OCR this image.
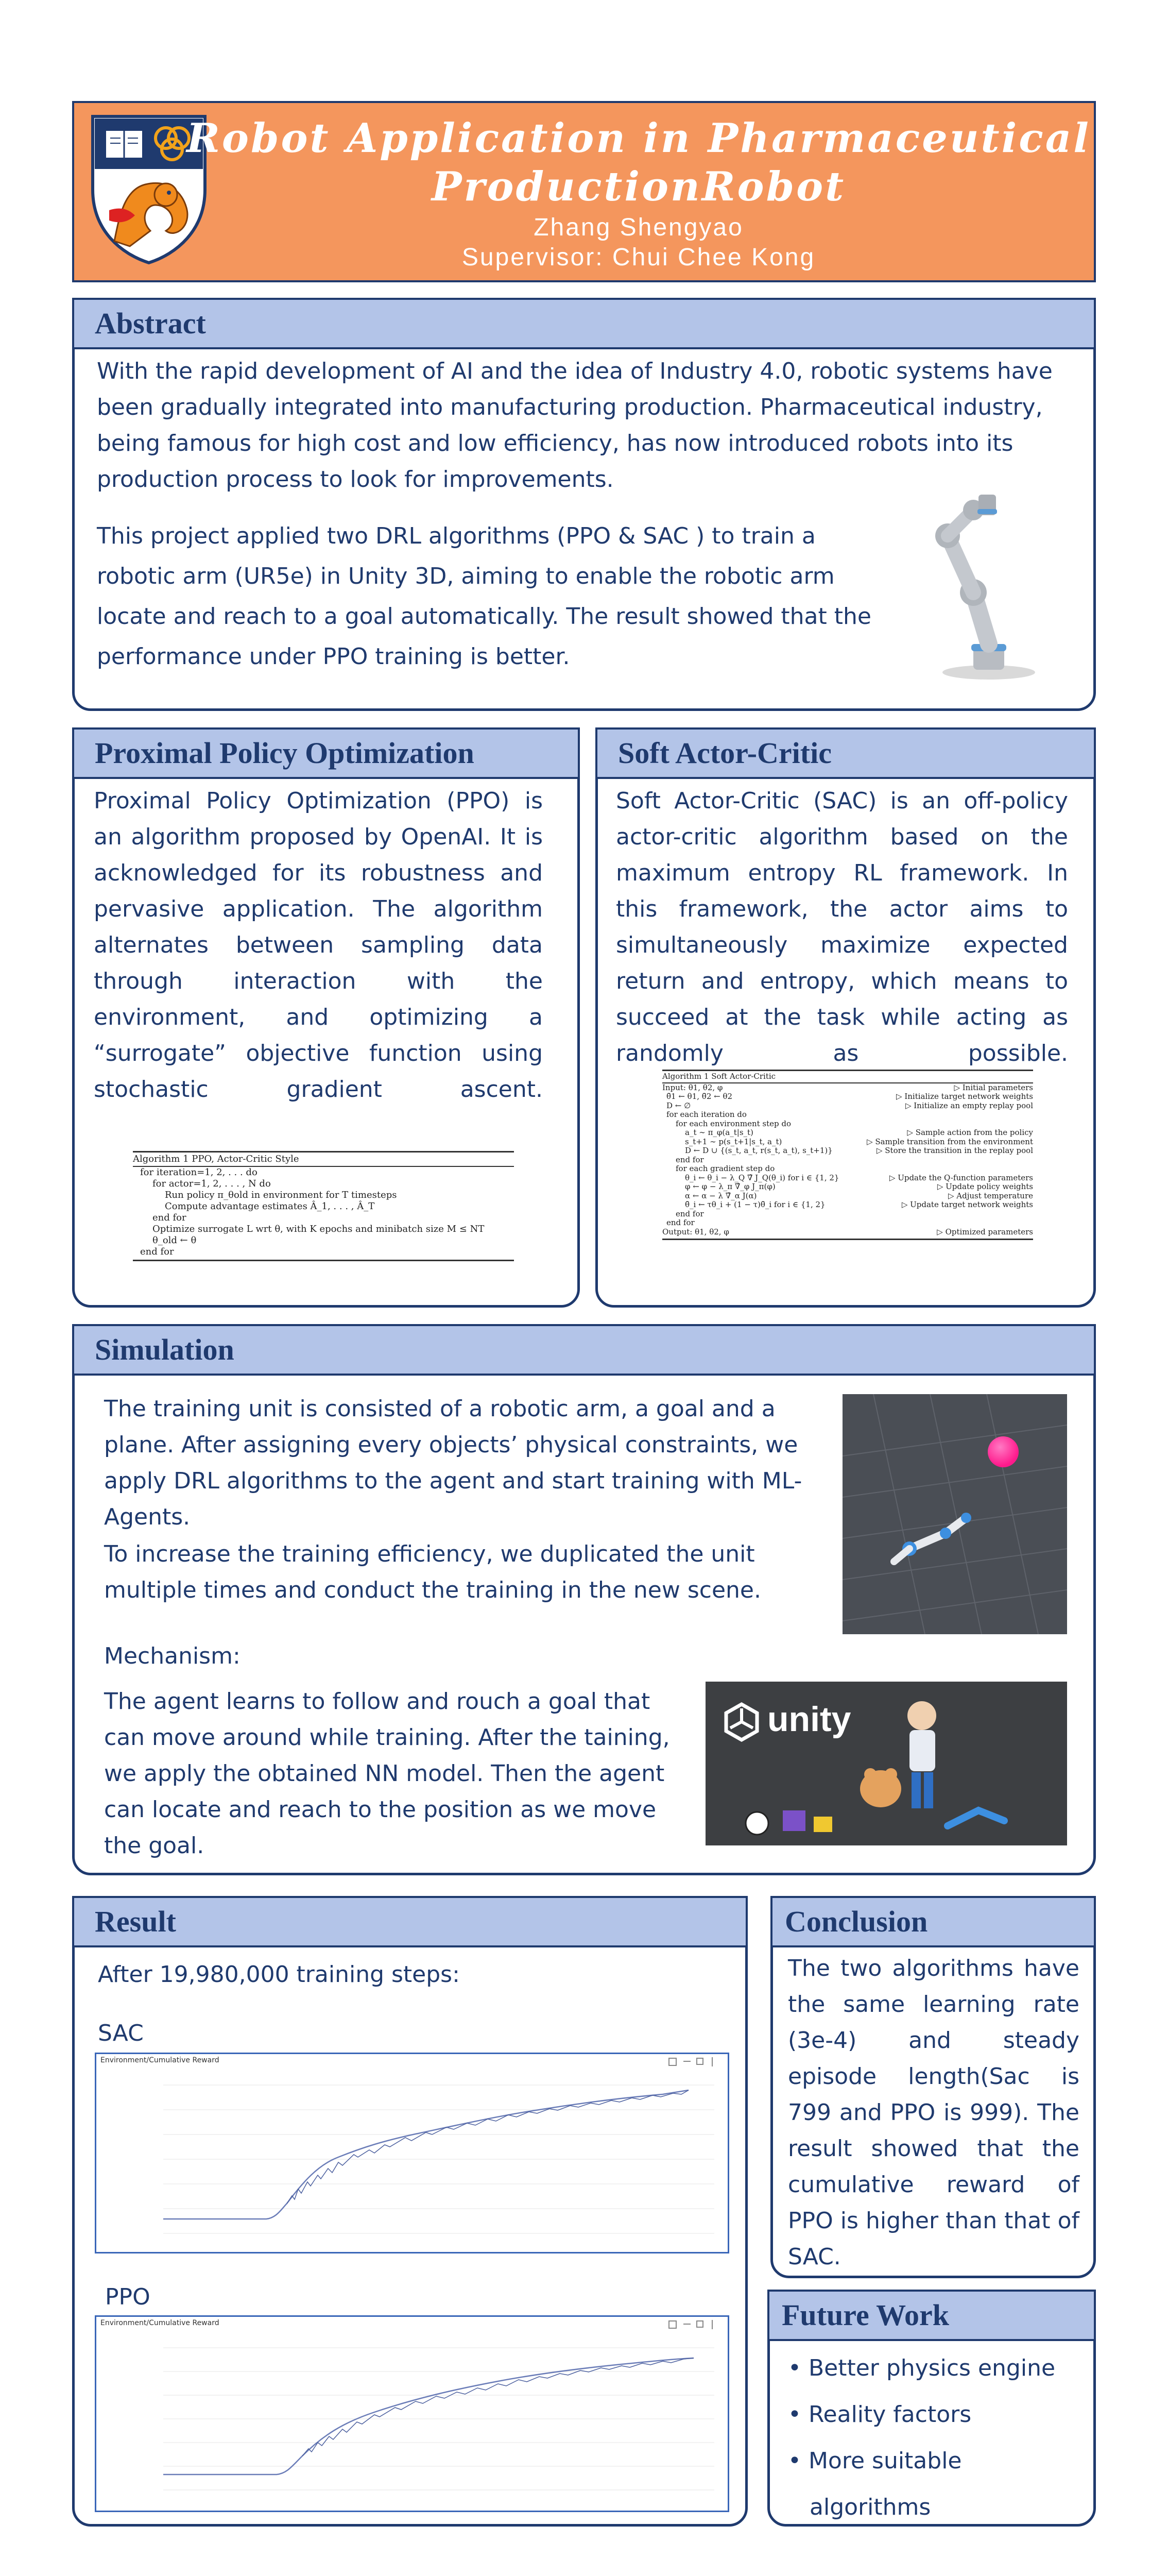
Robot Application in Pharmaceutical
ProductionRobot
Zhang Shengyao
Supervisor: Chui Chee Kong
Abstract
With the rapid development of AI and the idea of Industry 4.0, robotic systems have been gradually integrated into manufacturing production. Pharmaceutical industry, being famous for high cost and low efficiency, has now introduced robots into its production process to look for improvements.
This project applied two DRL algorithms (PPO & SAC ) to train a robotic arm (UR5e) in Unity 3D, aiming to enable the robotic arm locate and reach to a goal automatically. The result showed that the performance under PPO training is better.
Proximal Policy Optimization
Proximal Policy Optimization (PPO) is an algorithm proposed by OpenAI. It is acknowledged for its robustness and pervasive application. The algorithm alternates between sampling data through interaction with the environment, and optimizing a “surrogate” objective function using stochastic gradient ascent.
Algorithm 1 PPO, Actor-Critic Style
for iteration=1, 2, . . . do
for actor=1, 2, . . . , N do
Run policy π_θold in environment for T timesteps
Compute advantage estimates Â_1, . . . , Â_T
end for
Optimize surrogate L wrt θ, with K epochs and minibatch size M ≤ NT
θ_old ← θ
end for
Soft Actor-Critic
Soft Actor-Critic (SAC) is an off-policy actor-critic algorithm based on the maximum entropy RL framework. In this framework, the actor aims to simultaneously maximize expected return and entropy, which means to succeed at the task while acting as randomly as possible.
Algorithm 1 Soft Actor-Critic
Input: θ1, θ2, φ	▷ Initial parameters
θ̄1 ← θ1, θ̄2 ← θ2	▷ Initialize target network weights
D ← ∅	▷ Initialize an empty replay pool
for each iteration do
for each environment step do
a_t ∼ π_φ(a_t|s_t)	▷ Sample action from the policy
s_t+1 ∼ p(s_t+1|s_t, a_t)	▷ Sample transition from the environment
D ← D ∪ {(s_t, a_t, r(s_t, a_t), s_t+1)}	▷ Store the transition in the replay pool
end for
for each gradient step do
θ_i ← θ_i − λ_Q ∇̂ J_Q(θ_i) for i ∈ {1, 2}	▷ Update the Q-function parameters
φ ← φ − λ_π ∇̂_φ J_π(φ)	▷ Update policy weights
α ← α − λ ∇̂_α J(α)	▷ Adjust temperature
θ̄_i ← τθ_i + (1 − τ)θ̄_i for i ∈ {1, 2}	▷ Update target network weights
end for
end for
Output: θ1, θ2, φ	▷ Optimized parameters
Simulation
The training unit is consisted of a robotic arm, a goal and a plane. After assigning every objects’ physical constraints, we apply DRL algorithms to the agent and start training with ML-Agents.
To increase the training efficiency, we duplicated the unit multiple times and conduct the training in the new scene.
Mechanism:
The agent learns to follow and rouch a goal that can move around while training. After the taining, we apply the obtained NN model. Then the agent can locate and reach to the position as we move the goal.
unity
Result
After 19,980,000 training steps:
SAC
Environment/Cumulative Reward
PPO
Environment/Cumulative Reward
Conclusion
The two algorithms have the same learning rate (3e-4) and steady episode length(Sac is 799 and PPO is 999). The result showed that the cumulative reward of PPO is higher than that of SAC.
Future Work
• Better physics engine
• Reality factors
• More suitable algorithms
